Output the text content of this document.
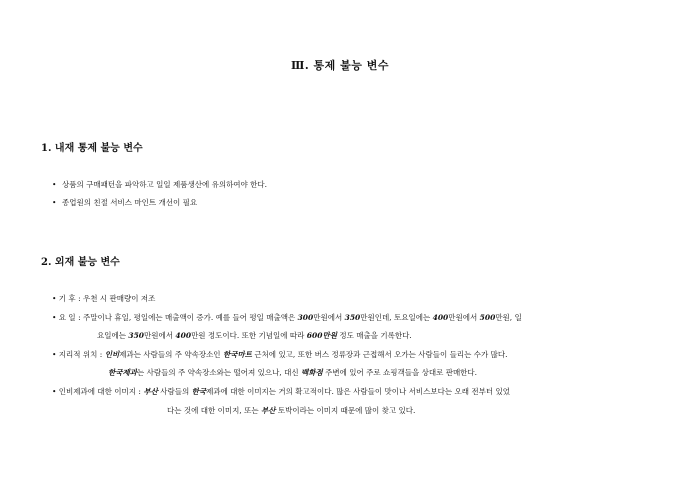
Ⅲ. 통제 불능 변수
1. 내재 통제 불능 변수
• 상품의 구매패턴을 파악하고 일일 제품생산에 유의하여야 한다.
• 종업원의 친절 서비스 마인트 개선이 필요
2. 외재 불능 변수
• 기 후 : 우천 시 판매량이 저조
• 요 일 : 주말이나 휴일, 평일에는 매출액이 증가. 예를 들어 평일 매출액은 300만원에서 350만원인데, 토요일에는 400만원에서 500만원, 일
요일에는 350만원에서 400만원 정도이다. 또한 기념일에 따라 600만원 정도 매출을 기록한다.
• 지리적 위치 : 인비제과는 사람들의 주 약속장소인 한국마트 근처에 있고, 또한 버스 정류장과 근접해서 오가는 사람들이 들리는 수가 많다.
한국제과는 사람들의 주 약속장소와는 떨어져 있으나, 대신 백화점 주변에 있어 주로 쇼핑객들을 상대로 판매한다.
• 인비제과에 대한 이미지 : 부산 사람들의 한국제과에 대한 이미지는 거의 확고적이다. 많은 사람들이 맛이나 서비스보다는 오래 전부터 있었
다는 것에 대한 이미지, 또는 부산 토박이라는 이미지 때문에 많이 찾고 있다.
